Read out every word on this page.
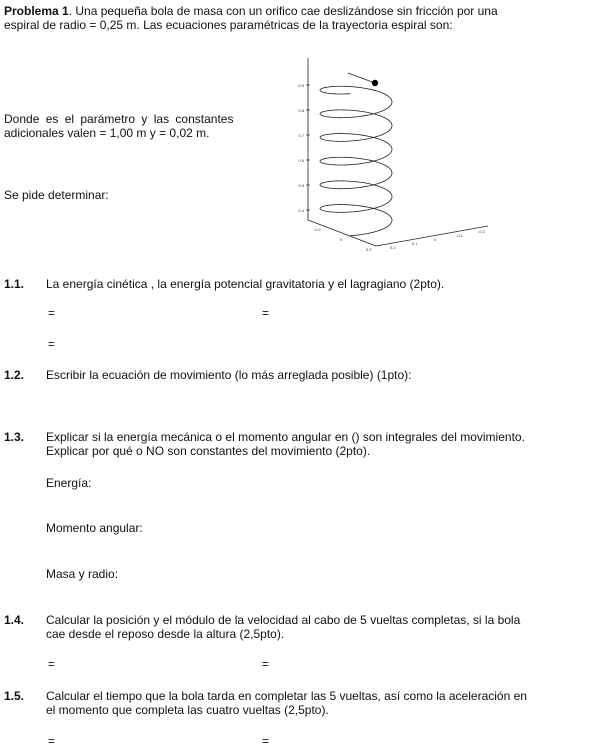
Problema 1. Una pequeña bola de masa con un orifico cae deslizándose sin fricción por una
espiral de radio = 0,25 m. Las ecuaciones paramétricas de la trayectoria espiral son:
Donde es el parámetro y las constantes
adicionales valen = 1,00 m y = 0,02 m.
Se pide determinar:
0.9
0.8
0.7
0.6
0.5
0.4
-0.2
0
0.2	0.2
0.1
0
-0.1
-0.2
1.1. La energía cinética , la energía potencial gravitatoria y el lagragiano (2pto).
=	=
=
1.2. Escribir la ecuación de movimiento (lo más arreglada posible) (1pto):
1.3. Explicar si la energía mecánica o el momento angular en () son integrales del movimiento.
Explicar por qué o NO son constantes del movimiento (2pto).
Energía:
Momento angular:
Masa y radio:
1.4. Calcular la posición y el módulo de la velocidad al cabo de 5 vueltas completas, si la bola
cae desde el reposo desde la altura (2,5pto).
=	=
1.5. Calcular el tiempo que la bola tarda en completar las 5 vueltas, así como la aceleración en
el momento que completa las cuatro vueltas (2,5pto).
=	=
